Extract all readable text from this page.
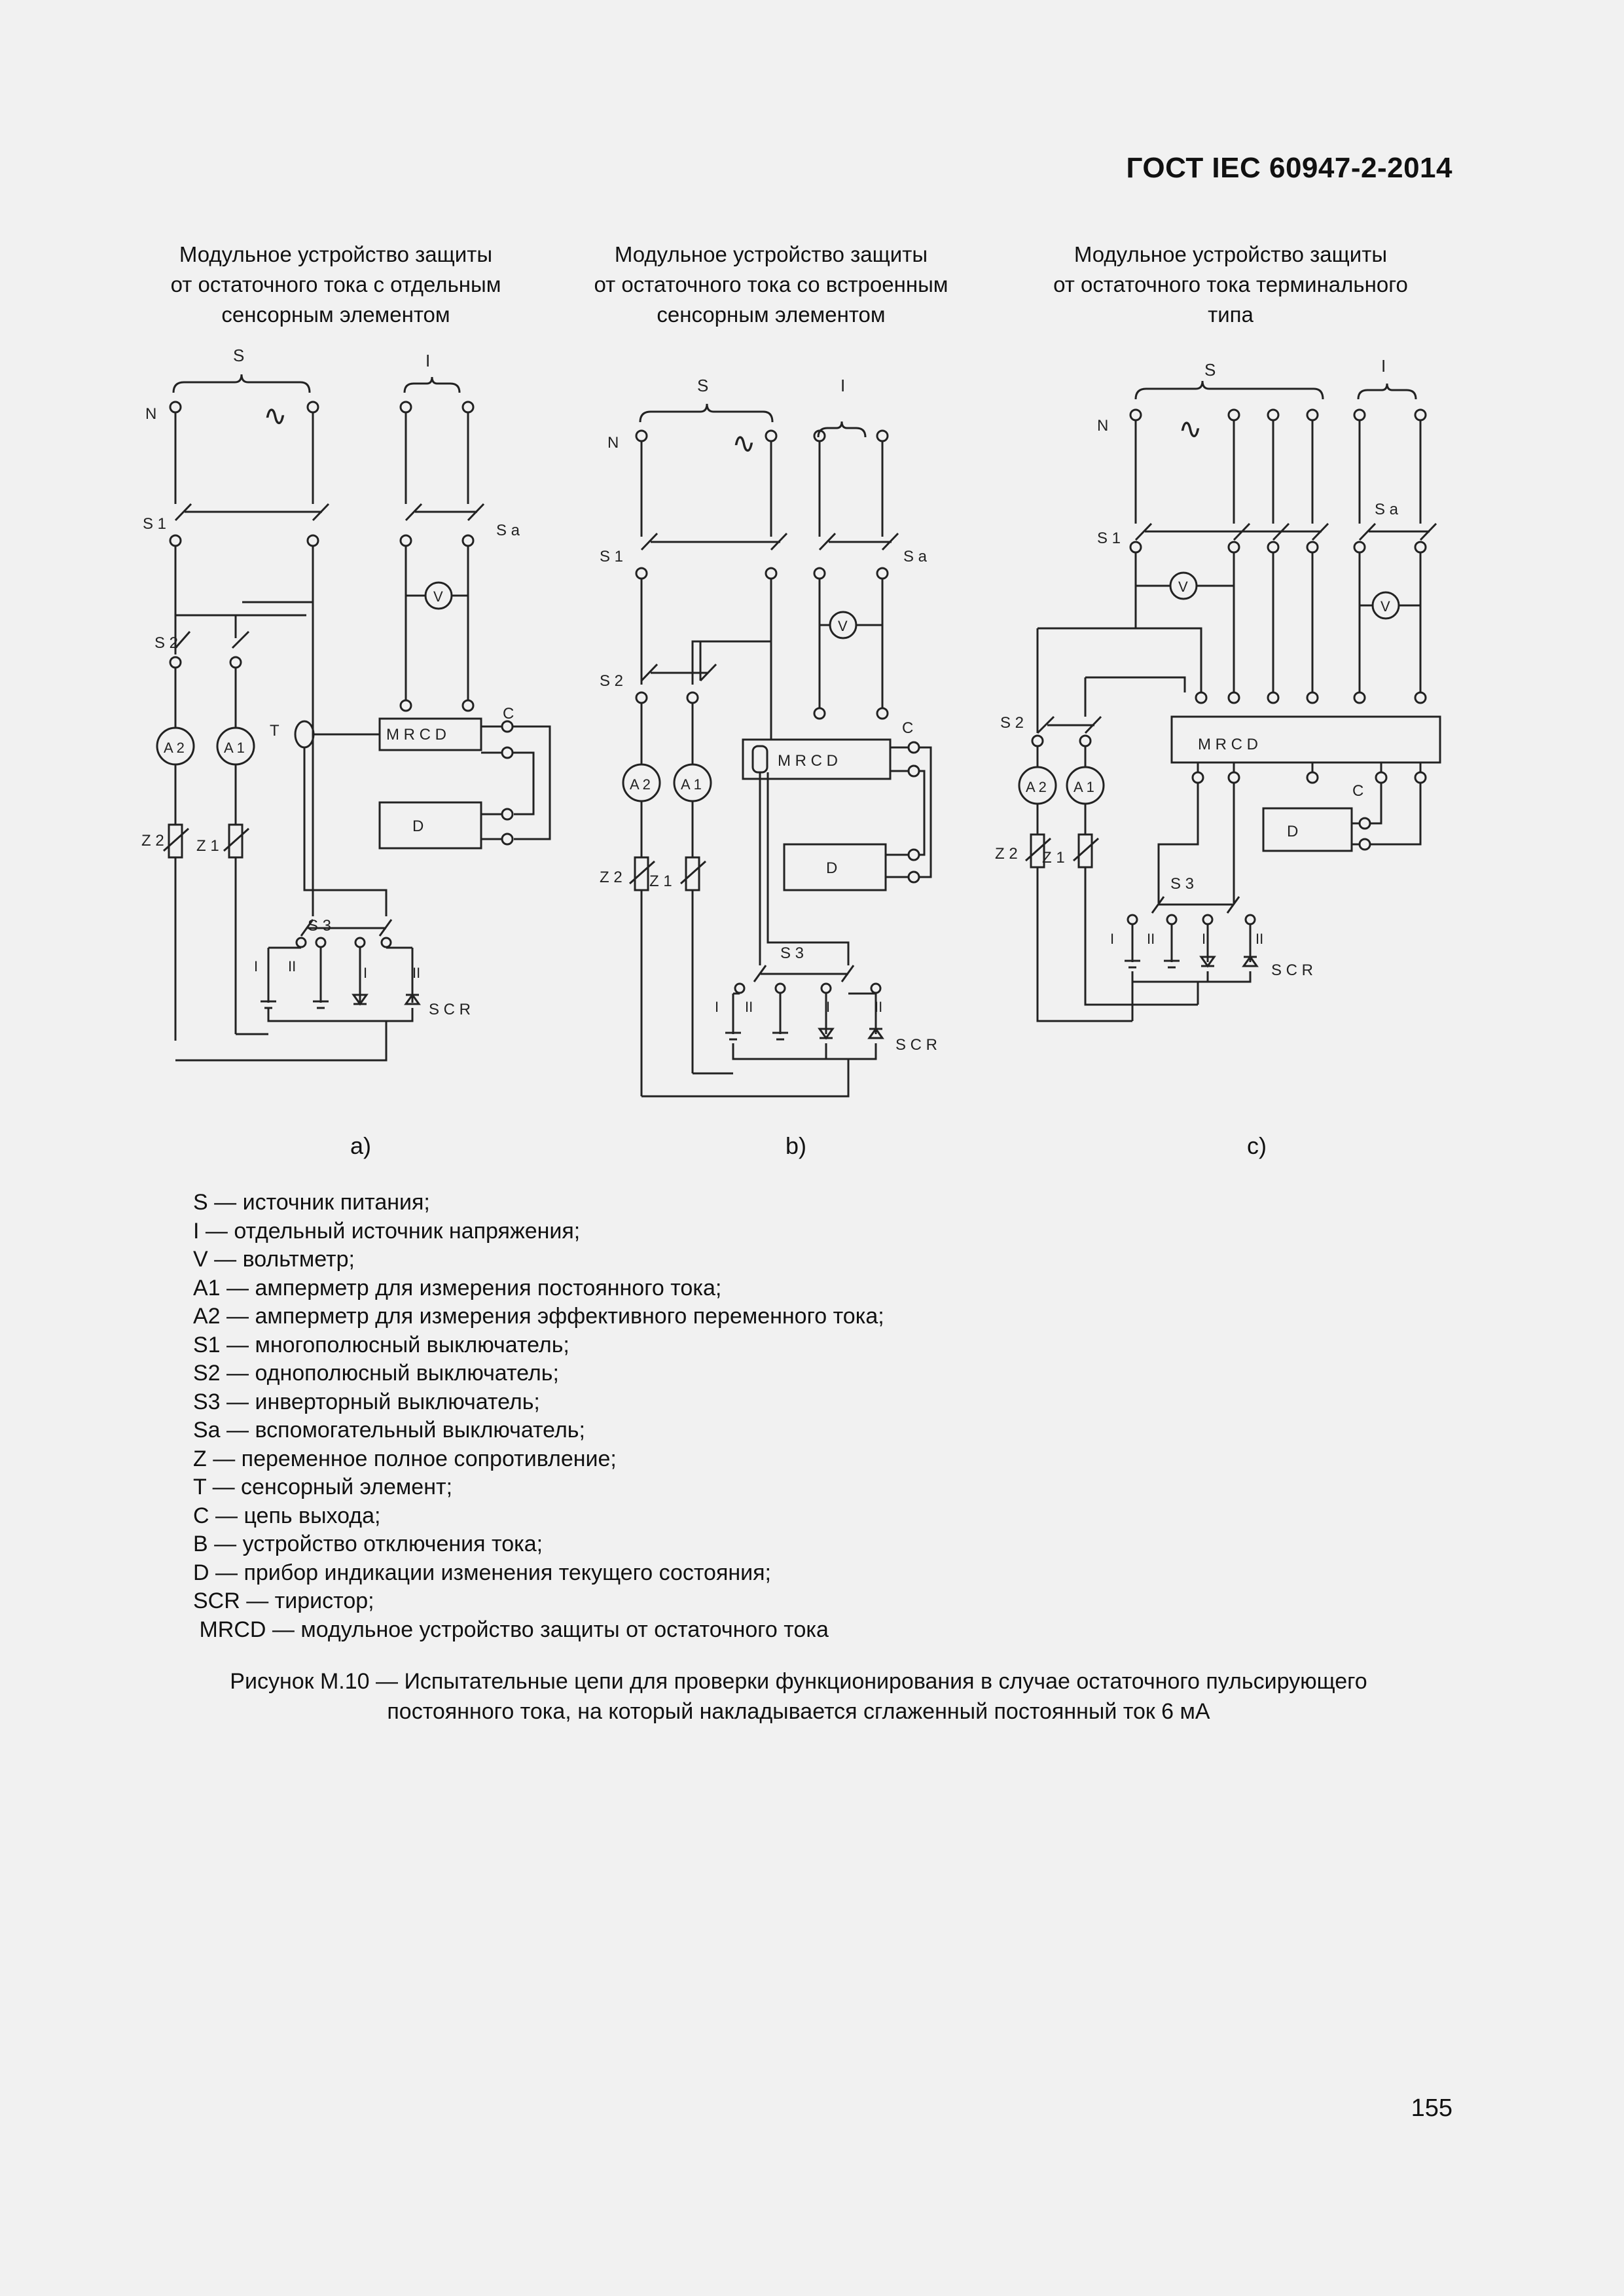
ГОСТ IEC 60947-2-2014
Модульное устройство защиты
от остаточного тока с отдельным
сенсорным элементом
Модульное устройство защиты
от остаточного тока со встроенным
сенсорным элементом
Модульное устройство защиты
от остаточного тока терминального
типа
S	I
N	∿
S 1	S a
V
S 2
A 2	A 1
Z 2 Z 1
T	M R C D
C
D
S 3
I II	I	II
S C R
S	I
N	∿
S 1	S a
V
S 2
A 2 A 1
Z 2 Z 1
M R C D
C
D
S 3
I II	I	II
S C R
S	I
N ∿
S 1
S a
V
V
S 2
M R C D
A 2 A 1
Z 2 Z 1
C
D
S 3
I II	I	II
S C R
a)	b)	c)
S — источник питания;
I — отдельный источник напряжения;
V — вольтметр;
A1 — амперметр для измерения постоянного тока;
A2 — амперметр для измерения эффективного переменного тока;
S1 — многополюсный выключатель;
S2 — однополюсный выключатель;
S3 — инверторный выключатель;
Sa — вспомогательный выключатель;
Z — переменное полное сопротивление;
T — сенсорный элемент;
C — цепь выхода;
B — устройство отключения тока;
D — прибор индикации изменения текущего состояния;
SCR — тиристор;
MRCD — модульное устройство защиты от остаточного тока
Рисунок М.10 — Испытательные цепи для проверки функционирования в случае остаточного пульсирующего
постоянного тока, на который накладывается сглаженный постоянный ток 6 мА
155
